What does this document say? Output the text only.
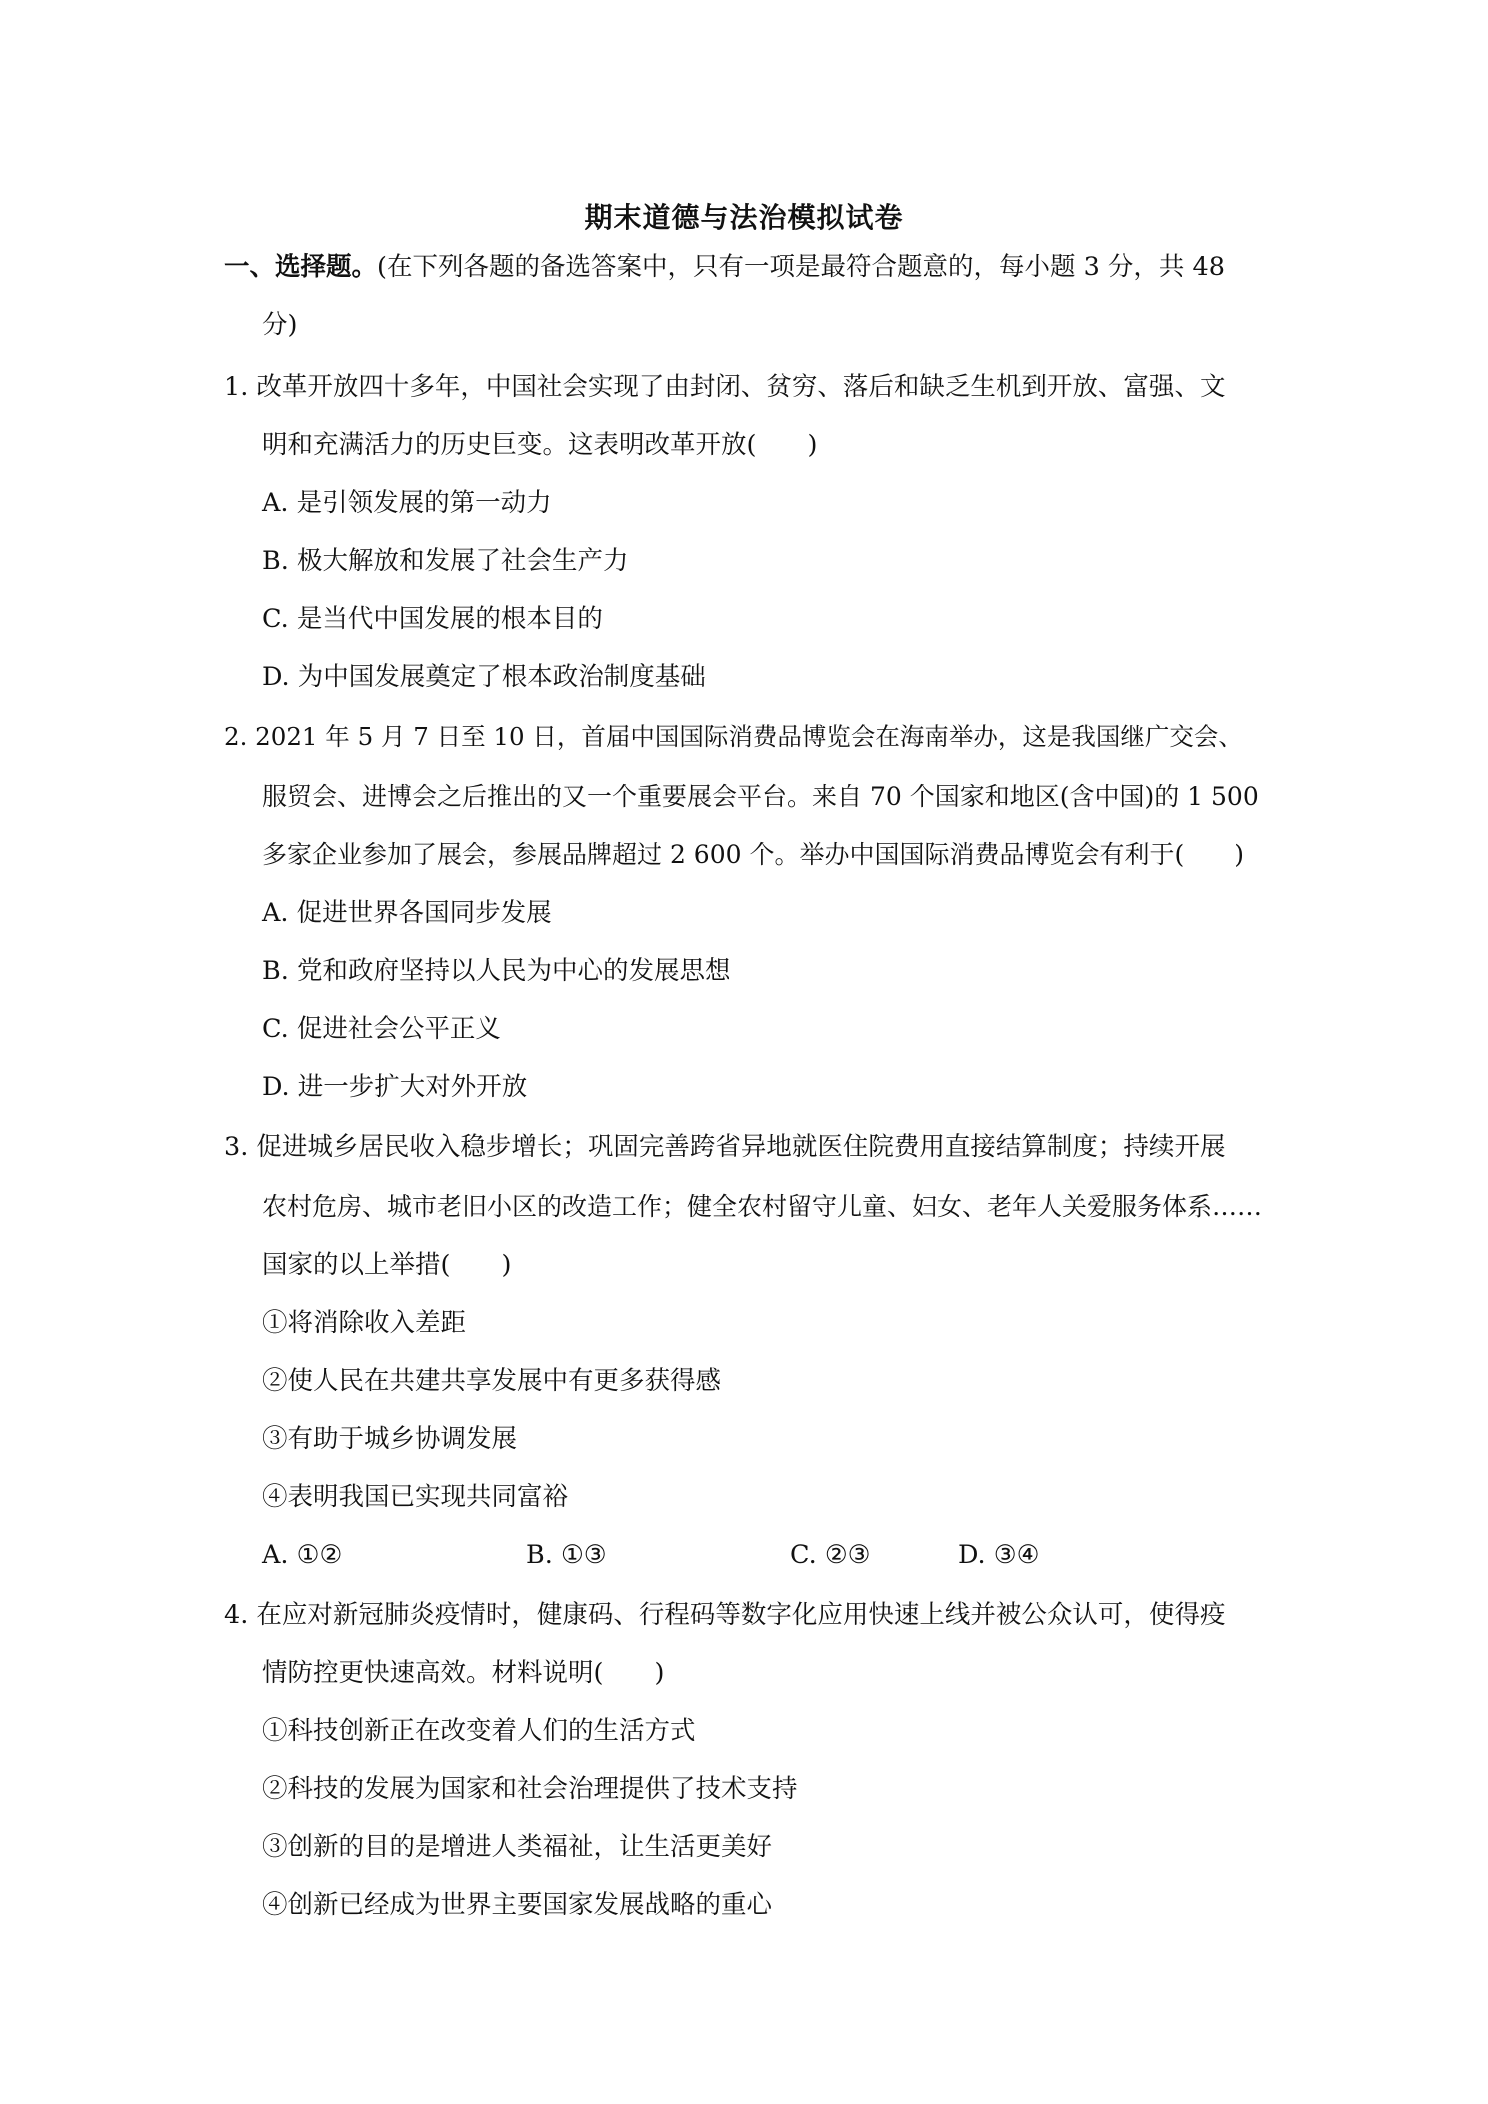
期末道德与法治模拟试卷
一、选择题。(在下列各题的备选答案中，只有一项是最符合题意的，每小题 3 分，共 48
分)
1. 改革开放四十多年，中国社会实现了由封闭、贫穷、落后和缺乏生机到开放、富强、文
明和充满活力的历史巨变。这表明改革开放(　　)
A. 是引领发展的第一动力
B. 极大解放和发展了社会生产力
C. 是当代中国发展的根本目的
D. 为中国发展奠定了根本政治制度基础
2. 2021 年 5 月 7 日至 10 日，首届中国国际消费品博览会在海南举办，这是我国继广交会、
服贸会、进博会之后推出的又一个重要展会平台。来自 70 个国家和地区(含中国)的 1 500
多家企业参加了展会，参展品牌超过 2 600 个。举办中国国际消费品博览会有利于(　　)
A. 促进世界各国同步发展
B. 党和政府坚持以人民为中心的发展思想
C. 促进社会公平正义
D. 进一步扩大对外开放
3. 促进城乡居民收入稳步增长；巩固完善跨省异地就医住院费用直接结算制度；持续开展
农村危房、城市老旧小区的改造工作；健全农村留守儿童、妇女、老年人关爱服务体系……
国家的以上举措(　　)
①将消除收入差距
②使人民在共建共享发展中有更多获得感
③有助于城乡协调发展
④表明我国已实现共同富裕
A. ①②	B. ①③	C. ②③	D. ③④
4. 在应对新冠肺炎疫情时，健康码、行程码等数字化应用快速上线并被公众认可，使得疫
情防控更快速高效。材料说明(　　)
①科技创新正在改变着人们的生活方式
②科技的发展为国家和社会治理提供了技术支持
③创新的目的是增进人类福祉，让生活更美好
④创新已经成为世界主要国家发展战略的重心
